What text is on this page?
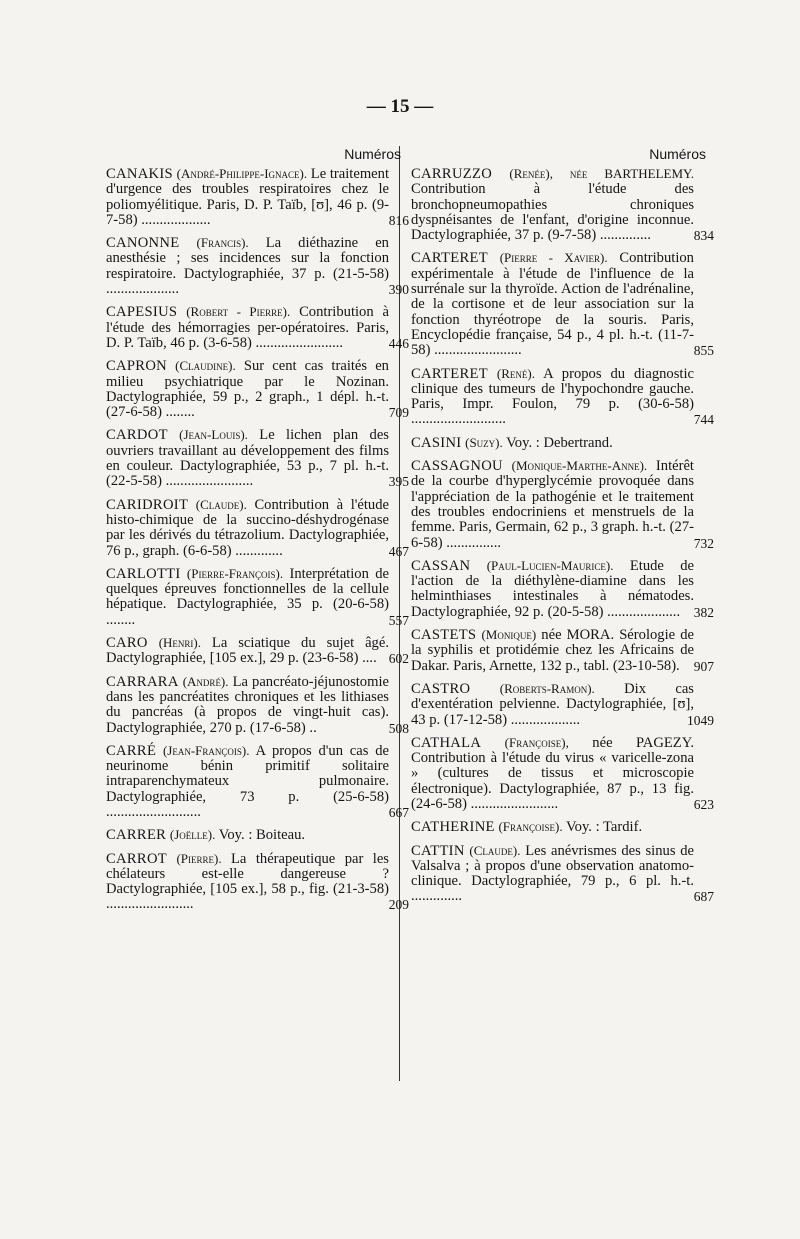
— 15 —
Numéros
CANAKIS (André-Philippe-Ignace). Le traitement d'urgence des troubles respiratoires chez le poliomyélitique. Paris, D. P. Taïb, [ʊ], 46 p. (9-7-58) ...................	816
CANONNE (Francis). La diéthazine en anesthésie ; ses incidences sur la fonction respiratoire. Dactylographiée, 37 p. (21-5-58) ....................	390
CAPESIUS (Robert - Pierre). Contribution à l'étude des hémorragies per-opératoires. Paris, D. P. Taïb, 46 p. (3-6-58) ........................	446
CAPRON (Claudine). Sur cent cas traités en milieu psychiatrique par le Nozinan. Dactylographiée, 59 p., 2 graph., 1 dépl. h.-t. (27-6-58) ........	709
CARDOT (Jean-Louis). Le lichen plan des ouvriers travaillant au développement des films en couleur. Dactylographiée, 53 p., 7 pl. h.-t. (22-5-58) ........................	395
CARIDROIT (Claude). Contribution à l'étude histo-chimique de la succino-déshydrogénase par les dérivés du tétrazolium. Dactylographiée, 76 p., graph. (6-6-58) .............	467
CARLOTTI (Pierre-François). Interprétation de quelques épreuves fonctionnelles de la cellule hépatique. Dactylographiée, 35 p. (20-6-58) ........	557
CARO (Henri). La sciatique du sujet âgé. Dactylographiée, [105 ex.], 29 p. (23-6-58) .... 602
CARRARA (André). La pancréato-jéjunostomie dans les pancréatites chroniques et les lithiases du pancréas (à propos de vingt-huit cas). Dactylographiée, 270 p. (17-6-58) ..	508
CARRÉ (Jean-François). A propos d'un cas de neurinome bénin primitif solitaire intraparenchymateux pulmonaire. Dactylographiée, 73 p. (25-6-58) ..........................	667
CARRER (Joëlle). Voy. : Boiteau.
CARROT (Pierre). La thérapeutique par les chélateurs est-elle dangereuse ? Dactylographiée, [105 ex.], 58 p., fig. (21-3-58) ........................	209
Numéros
CARRUZZO (Renée), née BARTHELEMY. Contribution à l'étude des bronchopneumopathies chroniques dyspnéisantes de l'enfant, d'origine inconnue. Dactylographiée, 37 p. (9-7-58) ..............	834
CARTERET (Pierre - Xavier). Contribution expérimentale à l'étude de l'influence de la surrénale sur la thyroïde. Action de l'adrénaline, de la cortisone et de leur association sur la fonction thyréotrope de la souris. Paris, Encyclopédie française, 54 p., 4 pl. h.-t. (11-7-58) ........................	855
CARTERET (René). A propos du diagnostic clinique des tumeurs de l'hypochondre gauche. Paris, Impr. Foulon, 79 p. (30-6-58) ..........................	744
CASINI (Suzy). Voy. : Debertrand.
CASSAGNOU (Monique-Marthe-Anne). Intérêt de la courbe d'hyperglycémie provoquée dans l'appréciation de la pathogénie et le traitement des troubles endocriniens et menstruels de la femme. Paris, Germain, 62 p., 3 graph. h.-t. (27-6-58) ...............	732
CASSAN (Paul-Lucien-Maurice). Etude de l'action de la diéthylène-diamine dans les helminthiases intestinales à nématodes. Dactylographiée, 92 p. (20-5-58) .................... 382
CASTETS (Monique) née MORA. Sérologie de la syphilis et protidémie chez les Africains de Dakar. Paris, Arnette, 132 p., tabl. (23-10-58). 907
CASTRO (Roberts-Ramon). Dix cas d'exentération pelvienne. Dactylographiée, [ʊ], 43 p. (17-12-58) ...................	1049
CATHALA (Françoise), née PAGEZY. Contribution à l'étude du virus « varicelle-zona » (cultures de tissus et microscopie électronique). Dactylographiée, 87 p., 13 fig. (24-6-58) ........................	623
CATHERINE (Françoise). Voy. : Tardif.
CATTIN (Claude). Les anévrismes des sinus de Valsalva ; à propos d'une observation anatomo-clinique. Dactylographiée, 79 p., 6 pl. h.-t. ..............	687
